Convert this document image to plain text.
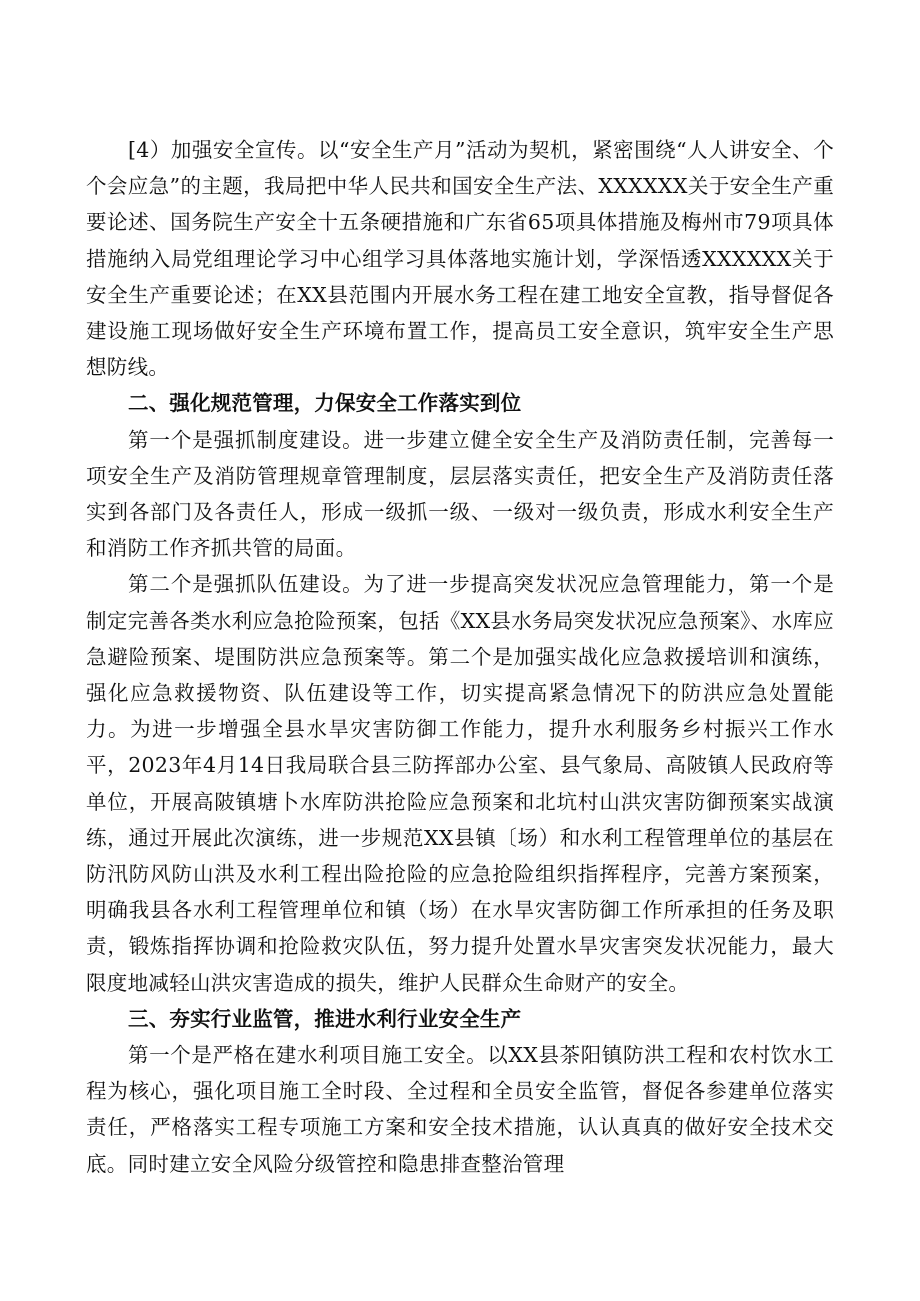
[4）加强安全宣传。以“安全生产月”活动为契机，紧密围绕“人人讲安全、个个会应急”的主题，我局把中华人民共和国安全生产法、XXXXXX关于安全生产重要论述、国务院生产安全十五条硬措施和广东省65项具体措施及梅州市79项具体措施纳入局党组理论学习中心组学习具体落地实施计划，学深悟透XXXXXX关于安全生产重要论述；在XX县范围内开展水务工程在建工地安全宣教，指导督促各建设施工现场做好安全生产环境布置工作，提高员工安全意识，筑牢安全生产思想防线。

二、强化规范管理，力保安全工作落实到位

第一个是强抓制度建设。进一步建立健全安全生产及消防责任制，完善每一项安全生产及消防管理规章管理制度，层层落实责任，把安全生产及消防责任落实到各部门及各责任人，形成一级抓一级、一级对一级负责，形成水利安全生产和消防工作齐抓共管的局面。

第二个是强抓队伍建设。为了进一步提高突发状况应急管理能力，第一个是制定完善各类水利应急抢险预案，包括《XX县水务局突发状况应急预案》、水库应急避险预案、堤围防洪应急预案等。第二个是加强实战化应急救援培训和演练，强化应急救援物资、队伍建设等工作，切实提高紧急情况下的防洪应急处置能力。为进一步增强全县水旱灾害防御工作能力，提升水利服务乡村振兴工作水平，2023年4月14日我局联合县三防挥部办公室、县气象局、高陂镇人民政府等单位，开展高陂镇塘卜水库防洪抢险应急预案和北坑村山洪灾害防御预案实战演练，通过开展此次演练，进一步规范XX县镇〔场）和水利工程管理单位的基层在防汛防风防山洪及水利工程出险抢险的应急抢险组织指挥程序，完善方案预案，明确我县各水利工程管理单位和镇（场）在水旱灾害防御工作所承担的任务及职责，锻炼指挥协调和抢险救灾队伍，努力提升处置水旱灾害突发状况能力，最大限度地减轻山洪灾害造成的损失，维护人民群众生命财产的安全。

三、夯实行业监管，推进水利行业安全生产

第一个是严格在建水利项目施工安全。以XX县茶阳镇防洪工程和农村饮水工程为核心，强化项目施工全时段、全过程和全员安全监管，督促各参建单位落实责任，严格落实工程专项施工方案和安全技术措施，认认真真的做好安全技术交底。同时建立安全风险分级管控和隐患排查整治管理
